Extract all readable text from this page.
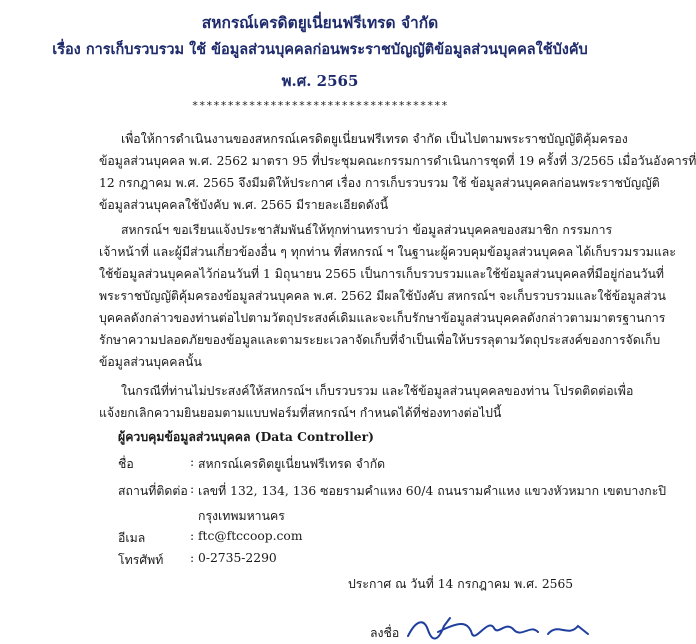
สหกรณ์เครดิตยูเนี่ยนฟรีเทรด จำกัด
เรื่อง การเก็บรวบรวม ใช้ ข้อมูลส่วนบุคคลก่อนพระราชบัญญัติข้อมูลส่วนบุคคลใช้บังคับ
พ.ศ. 2565
************************************

เพื่อให้การดำเนินงานของสหกรณ์เครดิตยูเนี่ยนฟรีเทรด จำกัด เป็นไปตามพระราชบัญญัติคุ้มครอง
ข้อมูลส่วนบุคคล พ.ศ. 2562 มาตรา 95 ที่ประชุมคณะกรรมการดำเนินการชุดที่ 19 ครั้งที่ 3/2565 เมื่อวันอังคารที่
12 กรกฎาคม พ.ศ. 2565 จึงมีมติให้ประกาศ เรื่อง การเก็บรวบรวม ใช้ ข้อมูลส่วนบุคคลก่อนพระราชบัญญัติ
ข้อมูลส่วนบุคคลใช้บังคับ พ.ศ. 2565 มีรายละเอียดดังนี้

สหกรณ์ฯ ขอเรียนแจ้งประชาสัมพันธ์ให้ทุกท่านทราบว่า ข้อมูลส่วนบุคคลของสมาชิก กรรมการ
เจ้าหน้าที่ และผู้มีส่วนเกี่ยวข้องอื่น ๆ ทุกท่าน ที่สหกรณ์ ฯ ในฐานะผู้ควบคุมข้อมูลส่วนบุคคล ได้เก็บรวมรวมและ
ใช้ข้อมูลส่วนบุคคลไว้ก่อนวันที่ 1 มิถุนายน 2565 เป็นการเก็บรวบรวมและใช้ข้อมูลส่วนบุคคลที่มีอยู่ก่อนวันที่
พระราชบัญญัติคุ้มครองข้อมูลส่วนบุคคล พ.ศ. 2562 มีผลใช้บังคับ สหกรณ์ฯ จะเก็บรวบรวมและใช้ข้อมูลส่วน
บุคคลดังกล่าวของท่านต่อไปตามวัตถุประสงค์เดิมและจะเก็บรักษาข้อมูลส่วนบุคคลดังกล่าวตามมาตรฐานการ
รักษาความปลอดภัยของข้อมูลและตามระยะเวลาจัดเก็บที่จำเป็นเพื่อให้บรรลุตามวัตถุประสงค์ของการจัดเก็บ
ข้อมูลส่วนบุคคลนั้น

ในกรณีที่ท่านไม่ประสงค์ให้สหกรณ์ฯ เก็บรวบรวม และใช้ข้อมูลส่วนบุคคลของท่าน โปรดติดต่อเพื่อ
แจ้งยกเลิกความยินยอมตามแบบฟอร์มที่สหกรณ์ฯ กำหนดได้ที่ช่องทางต่อไปนี้

ผู้ควบคุมข้อมูลส่วนบุคคล (Data Controller)
ชื่อ	: สหกรณ์เครดิตยูเนี่ยนฟรีเทรด จำกัด
สถานที่ติดต่อ : เลขที่ 132, 134, 136 ซอยรามคำแหง 60/4 ถนนรามคำแหง แขวงหัวหมาก เขตบางกะปิ
กรุงเทพมหานคร
อีเมล	: ftc@ftccoop.com
โทรศัพท์ : 0-2735-2290
ประกาศ ณ วันที่ 14 กรกฎาคม พ.ศ. 2565
ลงชื่อ
